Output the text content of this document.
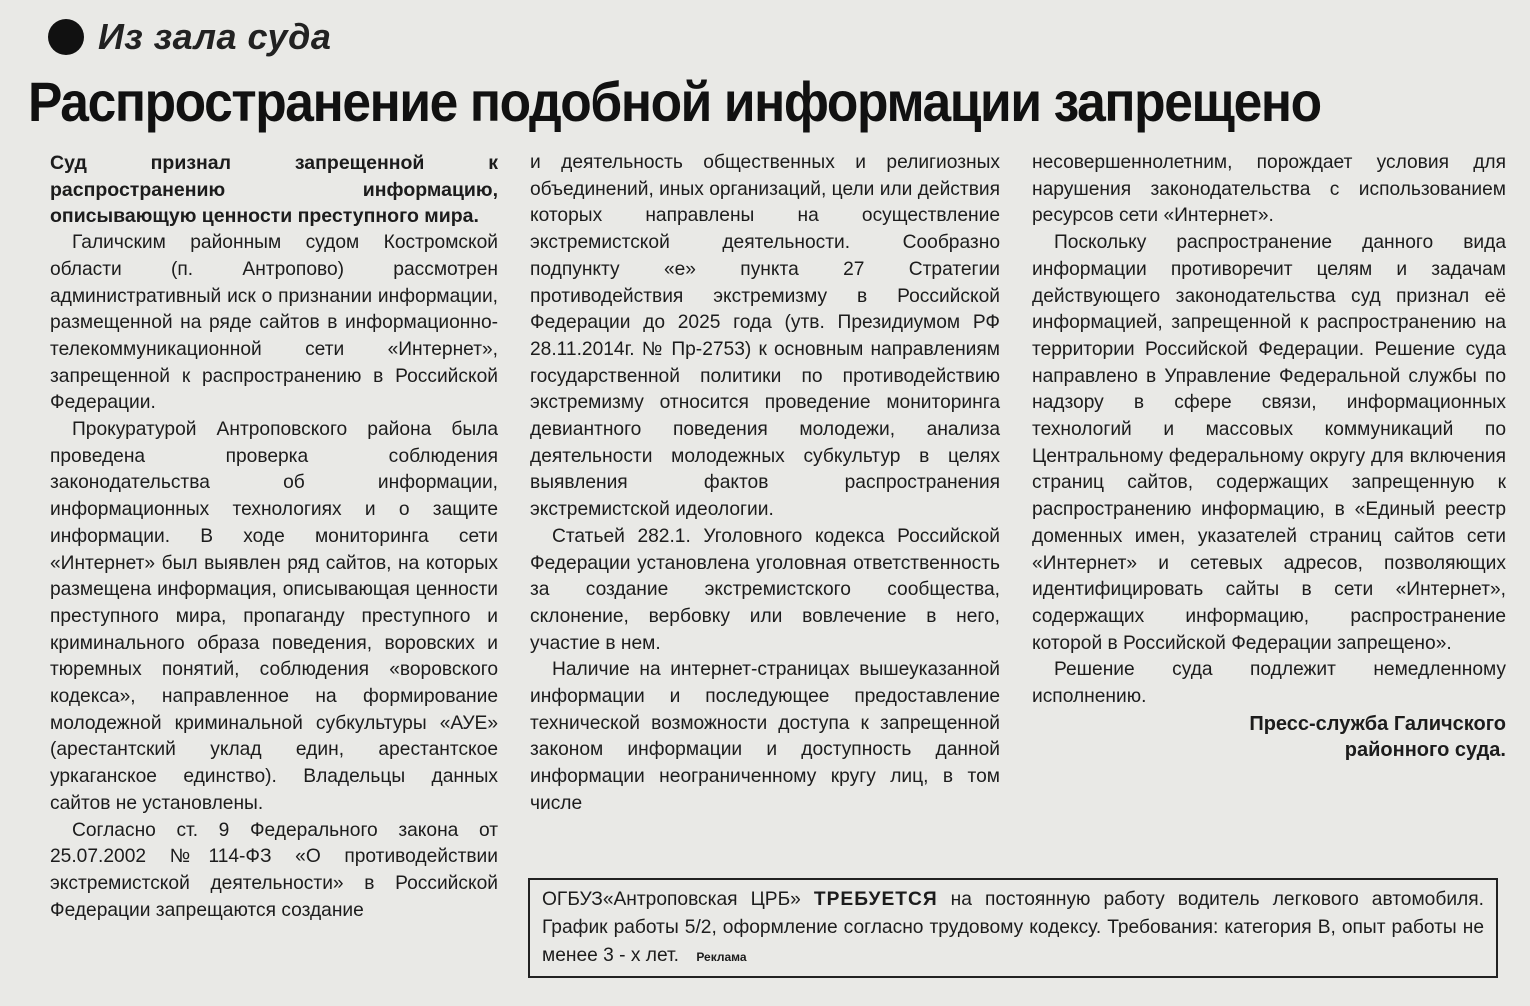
Из зала суда
Распространение подобной информации запрещено

Суд признал запрещенной к распространению информацию, описывающую ценности преступного мира.

Галичским районным судом Костромской области (п. Антропово) рассмотрен административный иск о признании информации, размещенной на ряде сайтов в информационно-телекоммуникационной сети «Интернет», запрещенной к распространению в Российской Федерации.

Прокуратурой Антроповского района была проведена проверка соблюдения законодательства об информации, информационных технологиях и о защите информации. В ходе мониторинга сети «Интернет» был выявлен ряд сайтов, на которых размещена информация, описывающая ценности преступного мира, пропаганду преступного и криминального образа поведения, воровских и тюремных понятий, соблюдения «воровского кодекса», направленное на формирование молодежной криминальной субкультуры «АУЕ» (арестантский уклад един, арестантское уркаганское единство). Владельцы данных сайтов не установлены.

Согласно ст. 9 Федерального закона от 25.07.2002 №114-ФЗ «О противодействии экстремистской деятельности» в Российской Федерации запрещаются создание

и деятельность общественных и религиозных объединений, иных организаций, цели или действия которых направлены на осуществление экстремистской деятельности. Сообразно подпункту «е» пункта 27 Стратегии противодействия экстремизму в Российской Федерации до 2025 года (утв. Президиумом РФ 28.11.2014г. № Пр-2753) к основным направлениям государственной политики по противодействию экстремизму относится проведение мониторинга девиантного поведения молодежи, анализа деятельности молодежных субкультур в целях выявления фактов распространения экстремистской идеологии.

Статьей 282.1. Уголовного кодекса Российской Федерации установлена уголовная ответственность за создание экстремистского сообщества, склонение, вербовку или вовлечение в него, участие в нем.

Наличие на интернет-страницах вышеуказанной информации и последующее предоставление технической возможности доступа к запрещенной законом информации и доступность данной информации неограниченному кругу лиц, в том числе

несовершеннолетним, порождает условия для нарушения законодательства с использованием ресурсов сети «Интернет».

Поскольку распространение данного вида информации противоречит целям и задачам действующего законодательства суд признал её информацией, запрещенной к распространению на территории Российской Федерации. Решение суда направлено в Управление Федеральной службы по надзору в сфере связи, информационных технологий и массовых коммуникаций по Центральному федеральному округу для включения страниц сайтов, содержащих запрещенную к распространению информацию, в «Единый реестр доменных имен, указателей страниц сайтов сети «Интернет» и сетевых адресов, позволяющих идентифицировать сайты в сети «Интернет», содержащих информацию, распространение которой в Российской Федерации запрещено».

Решение суда подлежит немедленному исполнению.

Пресс-служба Галичского

районного суда.

ОГБУЗ«Антроповская ЦРБ» ТРЕБУЕТСЯ на постоянную работу водитель легкового автомобиля. График работы 5/2, оформление согласно трудовому кодексу. Требования: категория В, опыт работы не менее 3 - х лет. Реклама
